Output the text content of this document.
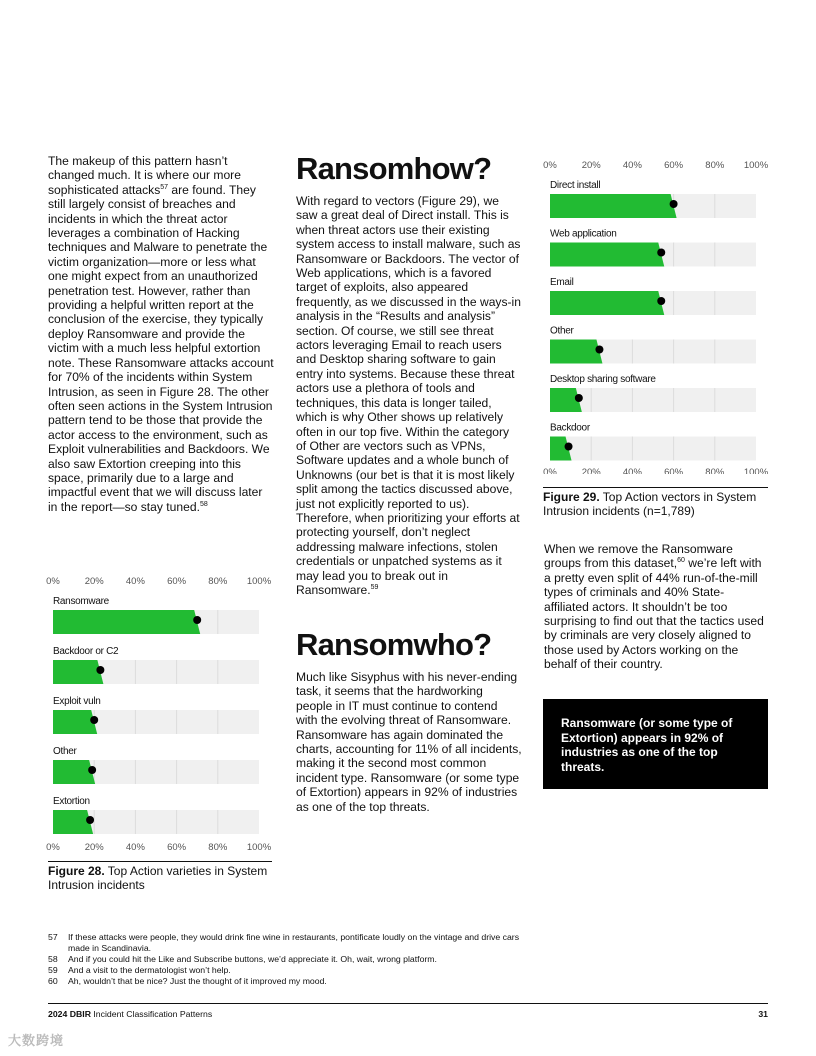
The makeup of this pattern hasn’t changed much. It is where our more sophisticated attacks$^{57}$ are found. They still largely consist of breaches and incidents in which the threat actor leverages a combination of Hacking techniques and Malware to penetrate the victim organization—more or less what one might expect from an unauthorized penetration test. However, rather than providing a helpful written report at the conclusion of the exercise, they typically deploy Ransomware and provide the victim with a much less helpful extortion note. These Ransomware attacks account for 70% of the incidents within System Intrusion, as seen in Figure 28. The other often seen actions in the System Intrusion pattern tend to be those that provide the actor access to the environment, such as Exploit vulnerabilities and Backdoors. We also saw Extortion creeping into this space, primarily due to a large and impactful event that we will discuss later in the report—so stay tuned.$^{58}$

0%
0%
20%
20%
40%
40%
60%
60%
80%
80%
100%
100%
Ransomware
Backdoor or C2
Exploit vuln
Other
Extortion
Figure 28. Top Action varieties in System Intrusion incidents
Ransomhow?

With regard to vectors (Figure 29), we saw a great deal of Direct install. This is when threat actors use their existing system access to install malware, such as Ransomware or Backdoors. The vector of Web applications, which is a favored target of exploits, also appeared frequently, as we discussed in the ways-in analysis in the “Results and analysis” section. Of course, we still see threat actors leveraging Email to reach users and Desktop sharing software to gain entry into systems. Because these threat actors use a plethora of tools and techniques, this data is longer tailed, which is why Other shows up relatively often in our top five. Within the category of Other are vectors such as VPNs, Software updates and a whole bunch of Unknowns (our bet is that it is most likely split among the tactics discussed above, just not explicitly reported to us). Therefore, when prioritizing your efforts at protecting yourself, don’t neglect addressing malware infections, stolen credentials or unpatched systems as it may lead you to break out in Ransomware.$^{59}$

Ransomwho?

Much like Sisyphus with his never-ending task, it seems that the hardworking people in IT must continue to contend with the evolving threat of Ransomware. Ransomware has again dominated the charts, accounting for 11% of all incidents, making it the second most common incident type. Ransomware (or some type of Extortion) appears in 92% of industries as one of the top threats.

0%
0%
20%
20%
40%
40%
60%
60%
80%
80%
100%
100%
Direct install
Web application
Email
Other
Desktop sharing software
Backdoor
Figure 29. Top Action vectors in System Intrusion incidents (n=1,789)

When we remove the Ransomware groups from this dataset,$^{60}$ we’re left with a pretty even split of 44% run-of-the-mill types of criminals and 40% State-affiliated actors. It shouldn’t be too surprising to find out that the tactics used by criminals are very closely aligned to those used by Actors working on the behalf of their country.

Ransomware (or some type of Extortion) appears in 92% of industries as one of the top threats.
57	If these attacks were people, they would drink fine wine in restaurants, pontificate loudly on the vintage and drive cars made in Scandinavia.
58	And if you could hit the Like and Subscribe buttons, we’d appreciate it. Oh, wait, wrong platform.
59	And a visit to the dermatologist won’t help.
60	Ah, wouldn’t that be nice? Just the thought of it improved my mood.
2024 DBIR Incident Classification Patterns	31
大数跨境
